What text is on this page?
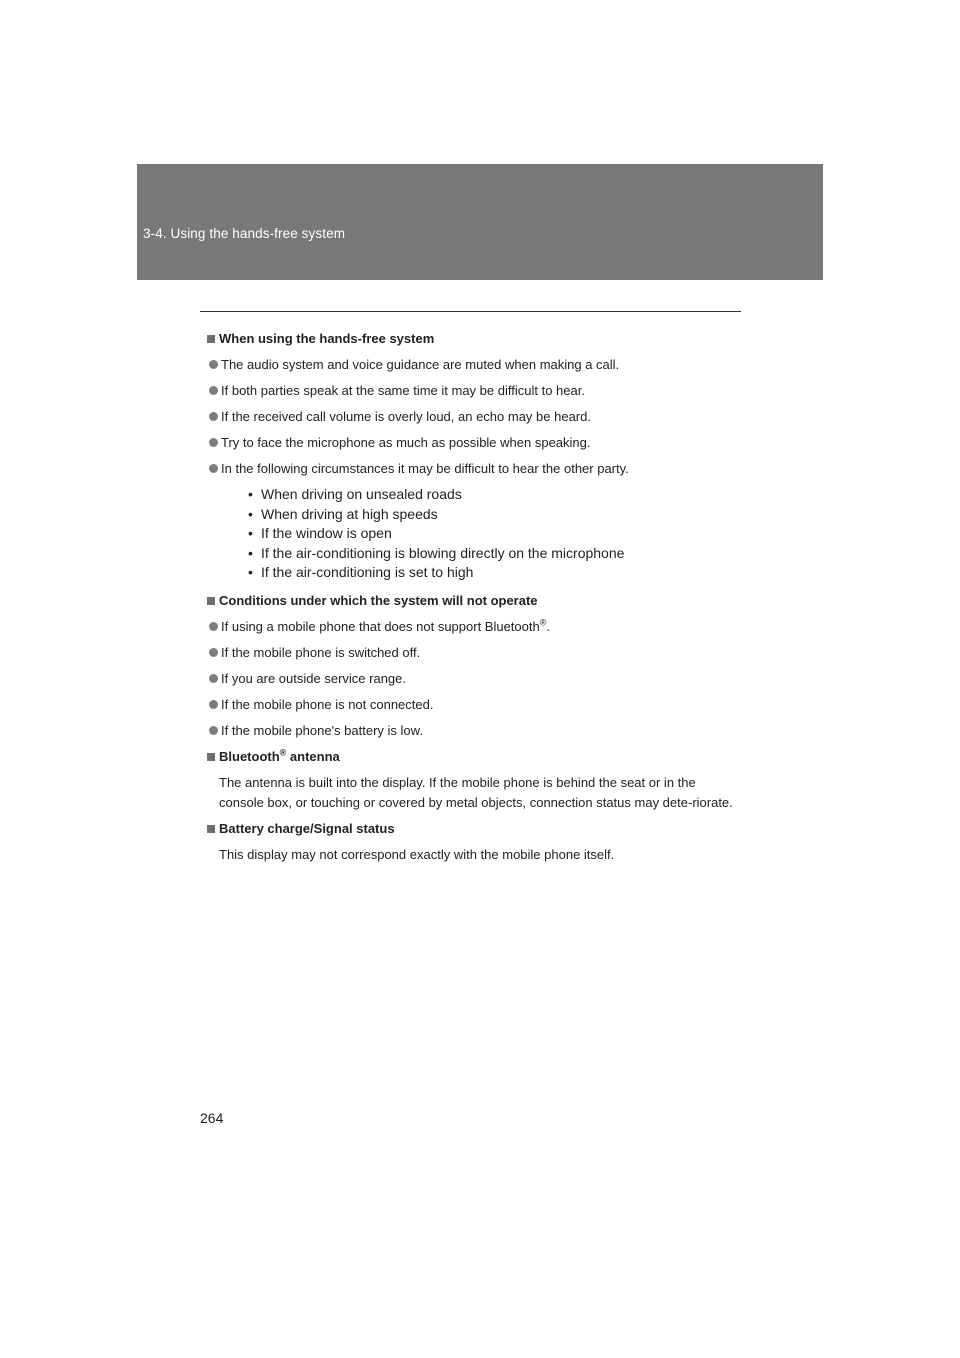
3-4. Using the hands-free system
When using the hands-free system
The audio system and voice guidance are muted when making a call.
If both parties speak at the same time it may be difficult to hear.
If the received call volume is overly loud, an echo may be heard.
Try to face the microphone as much as possible when speaking.
In the following circumstances it may be difficult to hear the other party.
• When driving on unsealed roads
• When driving at high speeds
• If the window is open
• If the air-conditioning is blowing directly on the microphone
• If the air-conditioning is set to high
Conditions under which the system will not operate
If using a mobile phone that does not support Bluetooth®.
If the mobile phone is switched off.
If you are outside service range.
If the mobile phone is not connected.
If the mobile phone's battery is low.
Bluetooth® antenna
The antenna is built into the display. If the mobile phone is behind the seat or in the console box, or touching or covered by metal objects, connection status may dete-riorate.
Battery charge/Signal status
This display may not correspond exactly with the mobile phone itself.
264
